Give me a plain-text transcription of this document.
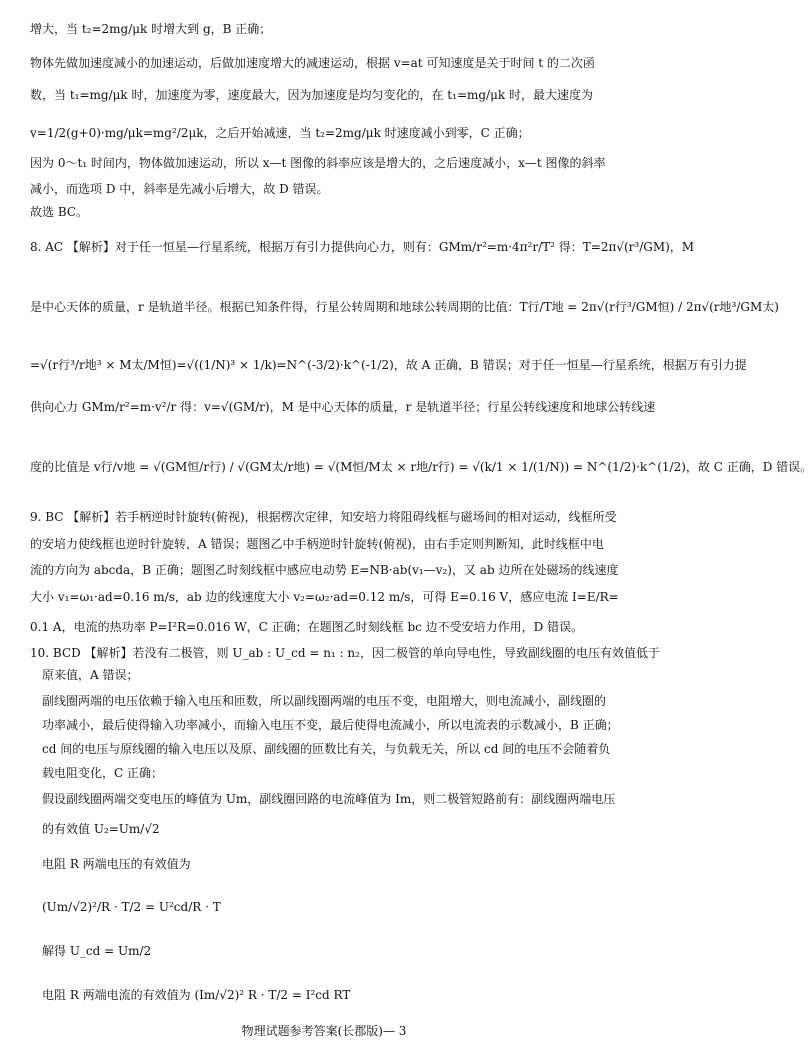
增大，当 t₂=2mg/μk 时增大到 g，B 正确；
物体先做加速度减小的加速运动，后做加速度增大的减速运动，根据 v=at 可知速度是关于时间 t 的二次函
数，当 t₁=mg/μk 时，加速度为零，速度最大，因为加速度是均匀变化的，在 t₁=mg/μk 时，最大速度为
v=1/2(g+0)·mg/μk=mg²/2μk，之后开始减速，当 t₂=2mg/μk 时速度减小到零，C 正确；
因为 0～t₁ 时间内，物体做加速运动，所以 x—t 图像的斜率应该是增大的，之后速度减小，x—t 图像的斜率
减小，而选项 D 中，斜率是先减小后增大，故 D 错误。
故选 BC。
8. AC 【解析】对于任一恒星—行星系统，根据万有引力提供向心力，则有：GMm/r²=m·4π²r/T² 得：T=2π√(r³/GM)，M
是中心天体的质量，r 是轨道半径。根据已知条件得，行星公转周期和地球公转周期的比值：T行/T地 = 2π√(r行³/GM恒) / 2π√(r地³/GM太)
=√(r行³/r地³ × M太/M恒)=√((1/N)³ × 1/k)=N^(-3/2)·k^(-1/2)，故 A 正确，B 错误；对于任一恒星—行星系统，根据万有引力提
供向心力 GMm/r²=m·v²/r 得：v=√(GM/r)，M 是中心天体的质量，r 是轨道半径；行星公转线速度和地球公转线速
度的比值是 v行/v地 = √(GM恒/r行) / √(GM太/r地) = √(M恒/M太 × r地/r行) = √(k/1 × 1/(1/N)) = N^(1/2)·k^(1/2)，故 C 正确，D 错误。
9. BC 【解析】若手柄逆时针旋转(俯视)，根据楞次定律，知安培力将阻碍线框与磁场间的相对运动，线框所受
的安培力使线框也逆时针旋转，A 错误；题图乙中手柄逆时针旋转(俯视)，由右手定则判断知，此时线框中电
流的方向为 abcda，B 正确；题图乙时刻线框中感应电动势 E=NB·ab(v₁—v₂)，又 ab 边所在处磁场的线速度
大小 v₁=ω₁·ad=0.16 m/s，ab 边的线速度大小 v₂=ω₂·ad=0.12 m/s，可得 E=0.16 V，感应电流 I=E/R=
0.1 A，电流的热功率 P=I²R=0.016 W，C 正确；在题图乙时刻线框 bc 边不受安培力作用，D 错误。
10. BCD 【解析】若没有二极管，则 U_ab : U_cd = n₁ : n₂，因二极管的单向导电性，导致副线圈的电压有效值低于
原来值，A 错误；
副线圈两端的电压依赖于输入电压和匝数，所以副线圈两端的电压不变，电阻增大，则电流减小，副线圈的
功率减小，最后使得输入功率减小，而输入电压不变，最后使得电流减小，所以电流表的示数减小，B 正确；
cd 间的电压与原线圈的输入电压以及原、副线圈的匝数比有关，与负载无关，所以 cd 间的电压不会随着负
载电阻变化，C 正确；
假设副线圈两端交变电压的峰值为 Um，副线圈回路的电流峰值为 Im，则二极管短路前有：副线圈两端电压
的有效值 U₂=Um/√2
电阻 R 两端电压的有效值为
(Um/√2)²/R · T/2 = U²cd/R · T
解得 U_cd = Um/2
电阻 R 两端电流的有效值为 (Im/√2)² R · T/2 = I²cd RT
物理试题参考答案(长郡版)— 3
